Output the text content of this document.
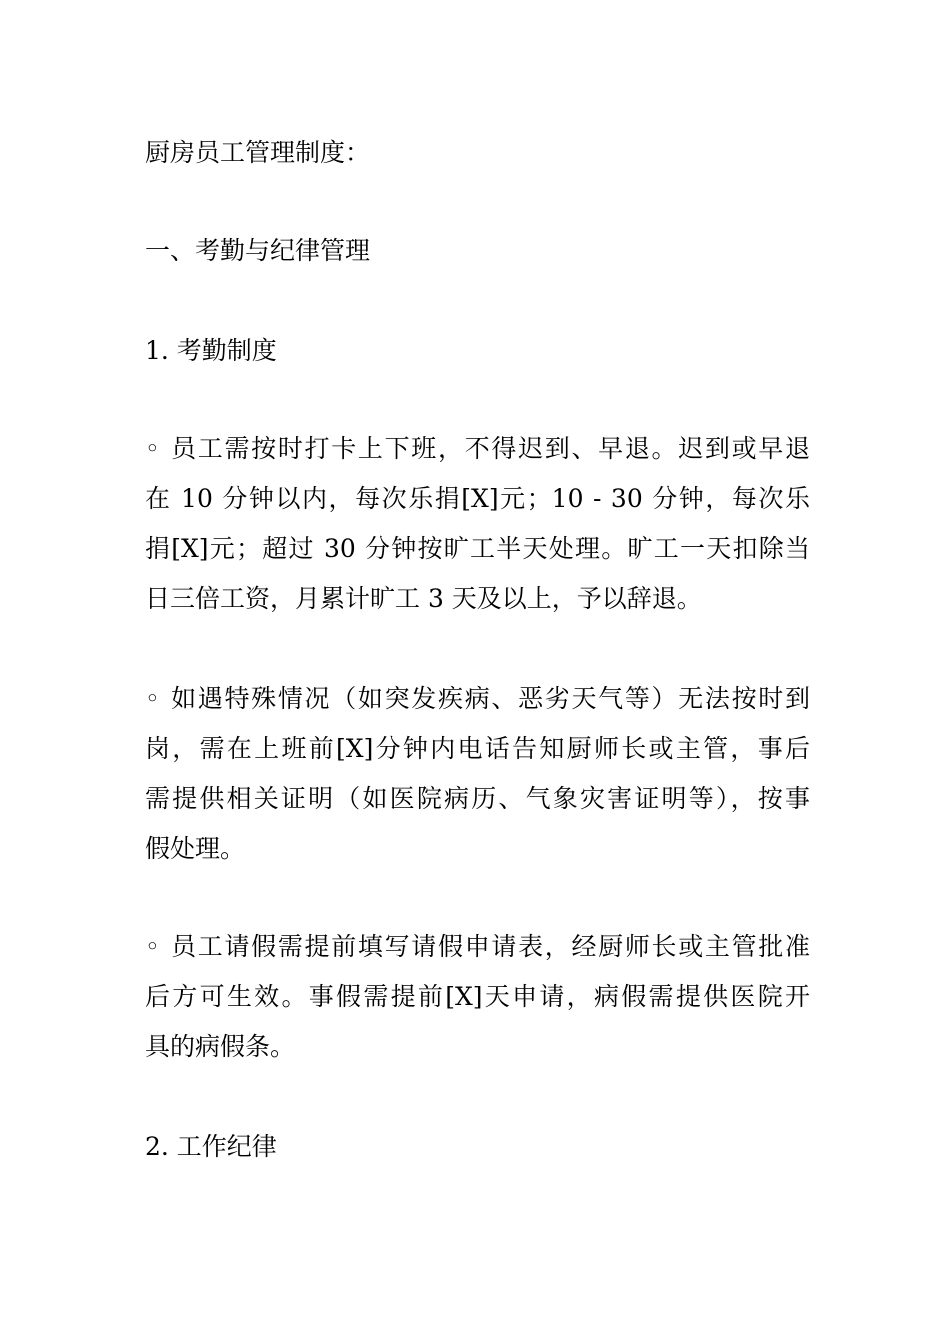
厨房员工管理制度：
一、考勤与纪律管理
1. 考勤制度
◦ 员工需按时打卡上下班，不得迟到、早退。迟到或早退
在 10 分钟以内，每次乐捐[X]元；10 - 30 分钟，每次乐
捐[X]元；超过 30 分钟按旷工半天处理。旷工一天扣除当
日三倍工资，月累计旷工 3 天及以上，予以辞退。
◦ 如遇特殊情况（如突发疾病、恶劣天气等）无法按时到
岗，需在上班前[X]分钟内电话告知厨师长或主管，事后
需提供相关证明（如医院病历、气象灾害证明等），按事
假处理。
◦ 员工请假需提前填写请假申请表，经厨师长或主管批准
后方可生效。事假需提前[X]天申请，病假需提供医院开
具的病假条。
2. 工作纪律
